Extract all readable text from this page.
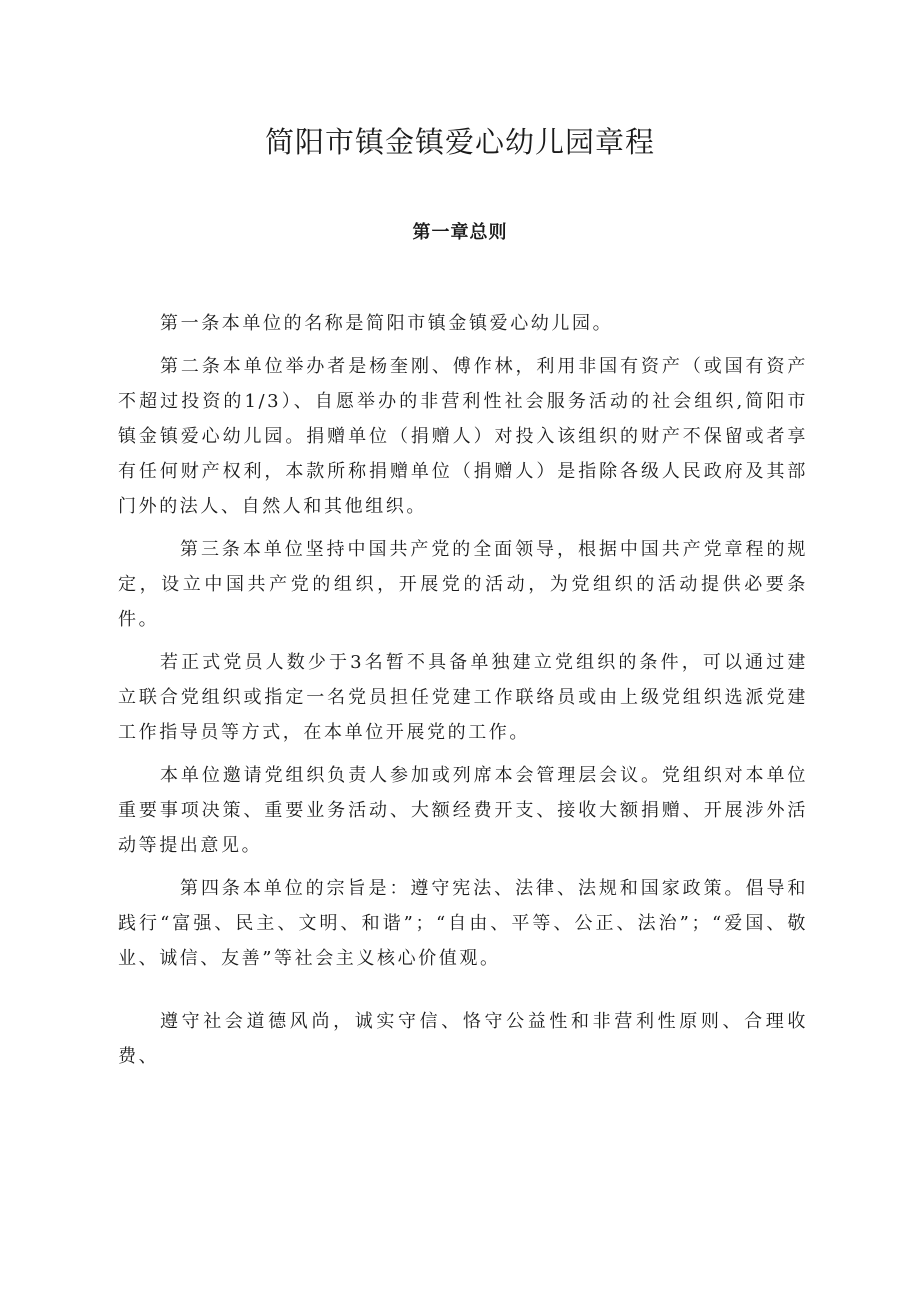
简阳市镇金镇爱心幼儿园章程
第一章总则

第一条本单位的名称是简阳市镇金镇爱心幼儿园。

第二条本单位举办者是杨奎刚、傅作林，利用非国有资产（或国有资产不超过投资的1/3）、自愿举办的非营利性社会服务活动的社会组织,简阳市镇金镇爱心幼儿园。捐赠单位（捐赠人）对投入该组织的财产不保留或者享有任何财产权利，本款所称捐赠单位（捐赠人）是指除各级人民政府及其部门外的法人、自然人和其他组织。

第三条本单位坚持中国共产党的全面领导，根据中国共产党章程的规定，设立中国共产党的组织，开展党的活动，为党组织的活动提供必要条件。

若正式党员人数少于3名暂不具备单独建立党组织的条件，可以通过建立联合党组织或指定一名党员担任党建工作联络员或由上级党组织选派党建工作指导员等方式，在本单位开展党的工作。

本单位邀请党组织负责人参加或列席本会管理层会议。党组织对本单位重要事项决策、重要业务活动、大额经费开支、接收大额捐赠、开展涉外活动等提出意见。

第四条本单位的宗旨是：遵守宪法、法律、法规和国家政策。倡导和践行“富强、民主、文明、和谐”；“自由、平等、公正、法治”；“爱国、敬业、诚信、友善”等社会主义核心价值观。

遵守社会道德风尚，诚实守信、恪守公益性和非营利性原则、合理收费、
